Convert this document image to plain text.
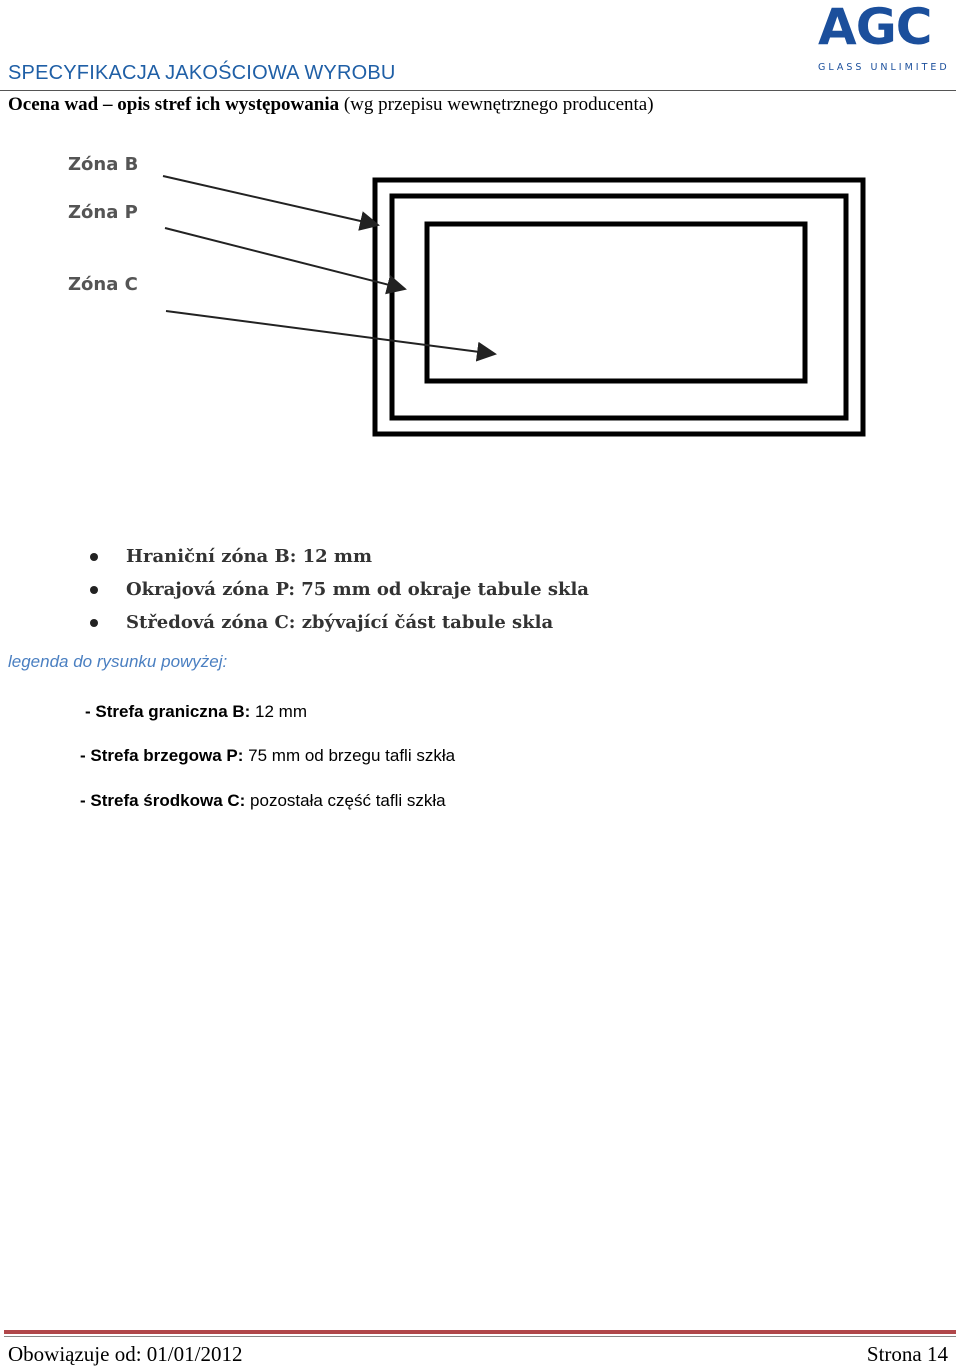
SPECYFIKACJA JAKOŚCIOWA WYROBU
AGC
GLASS UNLIMITED
Ocena wad – opis stref ich występowania (wg przepisu wewnętrznego producenta)
Zóna B
Zóna P
Zóna C
Hraniční zóna B: 12 mm
Okrajová zóna P: 75 mm od okraje tabule skla
Středová zóna C: zbývající část tabule skla
legenda do rysunku powyżej:
- Strefa graniczna B: 12 mm
- Strefa brzegowa P: 75 mm od brzegu tafli szkła
- Strefa środkowa C: pozostała część tafli szkła
Obowiązuje od: 01/01/2012	Strona 14
